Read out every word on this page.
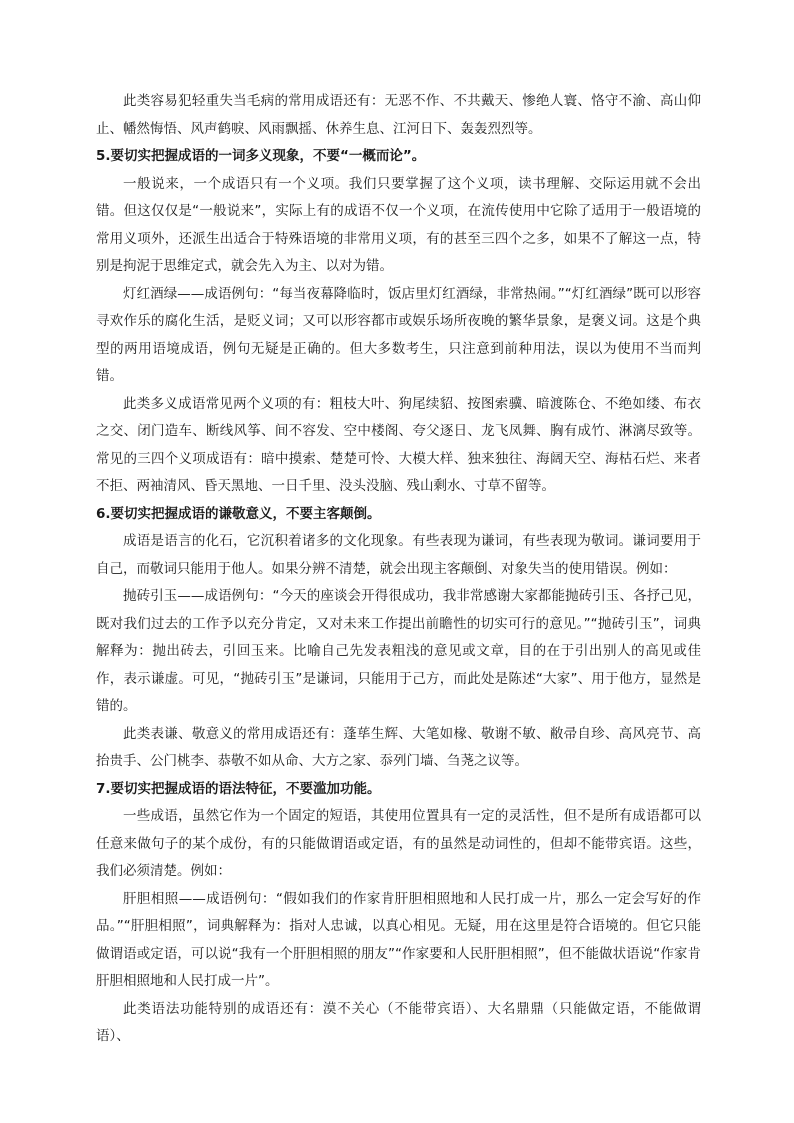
此类容易犯轻重失当毛病的常用成语还有：无恶不作、不共戴天、惨绝人寰、恪守不渝、高山仰止、幡然悔悟、风声鹤唳、风雨飘摇、休养生息、江河日下、轰轰烈烈等。

5.要切实把握成语的一词多义现象，不要“一概而论”。

一般说来，一个成语只有一个义项。我们只要掌握了这个义项，读书理解、交际运用就不会出错。但这仅仅是“一般说来”，实际上有的成语不仅一个义项，在流传使用中它除了适用于一般语境的常用义项外，还派生出适合于特殊语境的非常用义项，有的甚至三四个之多，如果不了解这一点，特别是拘泥于思维定式，就会先入为主、以对为错。

灯红酒绿——成语例句：“每当夜幕降临时，饭店里灯红酒绿，非常热闹。”“灯红酒绿”既可以形容寻欢作乐的腐化生活，是贬义词；又可以形容都市或娱乐场所夜晚的繁华景象，是褒义词。这是个典型的两用语境成语，例句无疑是正确的。但大多数考生，只注意到前种用法，误以为使用不当而判错。

此类多义成语常见两个义项的有：粗枝大叶、狗尾续貂、按图索骥、暗渡陈仓、不绝如缕、布衣之交、闭门造车、断线风筝、间不容发、空中楼阁、夸父逐日、龙飞凤舞、胸有成竹、淋漓尽致等。常见的三四个义项成语有：暗中摸索、楚楚可怜、大模大样、独来独往、海阔天空、海枯石烂、来者不拒、两袖清风、昏天黑地、一日千里、没头没脑、残山剩水、寸草不留等。

6.要切实把握成语的谦敬意义，不要主客颠倒。

成语是语言的化石，它沉积着诸多的文化现象。有些表现为谦词，有些表现为敬词。谦词要用于自己，而敬词只能用于他人。如果分辨不清楚，就会出现主客颠倒、对象失当的使用错误。例如：

抛砖引玉——成语例句：“今天的座谈会开得很成功，我非常感谢大家都能抛砖引玉、各抒己见，既对我们过去的工作予以充分肯定，又对未来工作提出前瞻性的切实可行的意见。”“抛砖引玉”，词典解释为：抛出砖去，引回玉来。比喻自己先发表粗浅的意见或文章，目的在于引出别人的高见或佳作，表示谦虚。可见，“抛砖引玉”是谦词，只能用于己方，而此处是陈述“大家”、用于他方，显然是错的。

此类表谦、敬意义的常用成语还有：蓬荜生辉、大笔如椽、敬谢不敏、敝帚自珍、高风亮节、高抬贵手、公门桃李、恭敬不如从命、大方之家、忝列门墙、刍荛之议等。

7.要切实把握成语的语法特征，不要滥加功能。

一些成语，虽然它作为一个固定的短语，其使用位置具有一定的灵活性，但不是所有成语都可以任意来做句子的某个成份，有的只能做谓语或定语，有的虽然是动词性的，但却不能带宾语。这些，我们必须清楚。例如：

肝胆相照——成语例句：“假如我们的作家肯肝胆相照地和人民打成一片，那么一定会写好的作品。”“肝胆相照”，词典解释为：指对人忠诚，以真心相见。无疑，用在这里是符合语境的。但它只能做谓语或定语，可以说“我有一个肝胆相照的朋友”“作家要和人民肝胆相照”，但不能做状语说“作家肯肝胆相照地和人民打成一片”。

此类语法功能特别的成语还有：漠不关心（不能带宾语）、大名鼎鼎（只能做定语，不能做谓语）、
